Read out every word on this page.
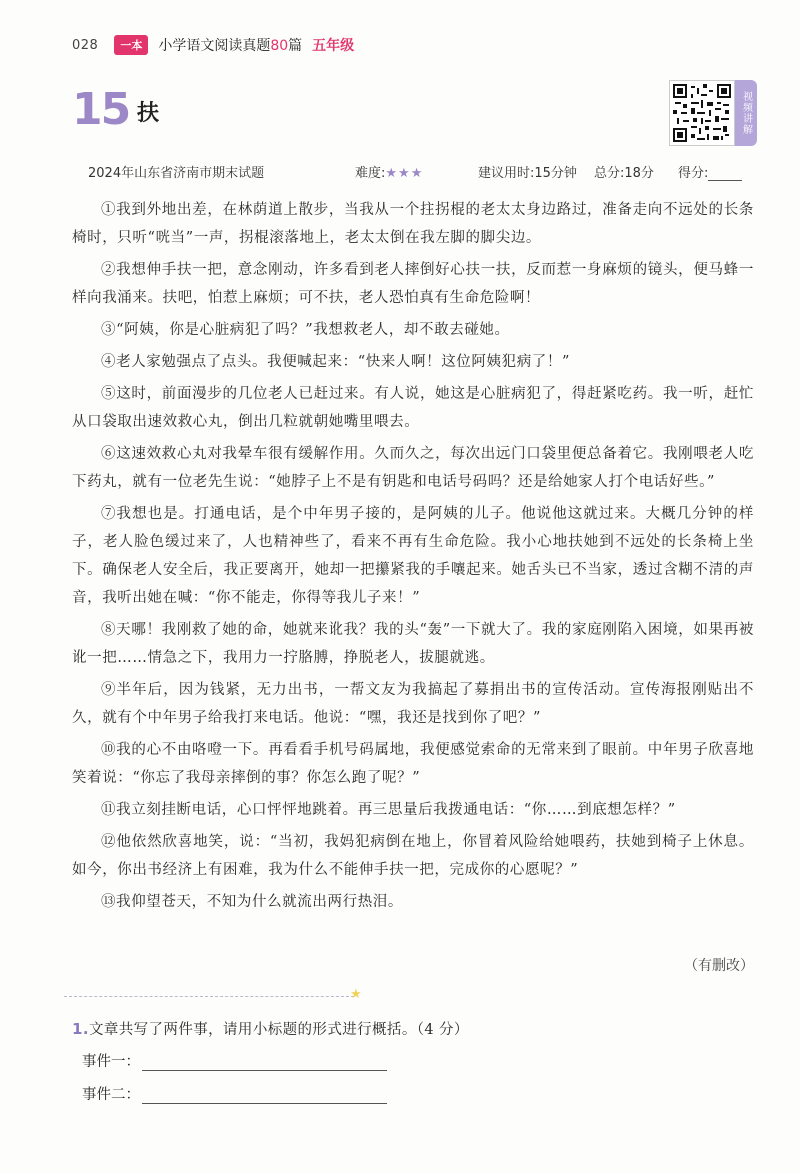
028	一本	小学语文阅读真题80篇 五年级
15 扶	视频讲解
2024年山东省济南市期末试题	难度:★★★	建议用时:15分钟 总分:18分 得分:

①我到外地出差，在林荫道上散步，当我从一个拄拐棍的老太太身边路过，准备走向不远处的长条椅时，只听“咣当”一声，拐棍滚落地上，老太太倒在我左脚的脚尖边。

②我想伸手扶一把，意念刚动，许多看到老人摔倒好心扶一扶，反而惹一身麻烦的镜头，便马蜂一样向我涌来。扶吧，怕惹上麻烦；可不扶，老人恐怕真有生命危险啊！

③“阿姨，你是心脏病犯了吗？”我想救老人，却不敢去碰她。

④老人家勉强点了点头。我便喊起来：“快来人啊！这位阿姨犯病了！”

⑤这时，前面漫步的几位老人已赶过来。有人说，她这是心脏病犯了，得赶紧吃药。我一听，赶忙从口袋取出速效救心丸，倒出几粒就朝她嘴里喂去。

⑥这速效救心丸对我晕车很有缓解作用。久而久之，每次出远门口袋里便总备着它。我刚喂老人吃下药丸，就有一位老先生说：“她脖子上不是有钥匙和电话号码吗？还是给她家人打个电话好些。”

⑦我想也是。打通电话，是个中年男子接的，是阿姨的儿子。他说他这就过来。大概几分钟的样子，老人脸色缓过来了，人也精神些了，看来不再有生命危险。我小心地扶她到不远处的长条椅上坐下。确保老人安全后，我正要离开，她却一把攥紧我的手嚷起来。她舌头已不当家，透过含糊不清的声音，我听出她在喊：“你不能走，你得等我儿子来！”

⑧天哪！我刚救了她的命，她就来讹我？我的头“轰”一下就大了。我的家庭刚陷入困境，如果再被讹一把……情急之下，我用力一拧胳膊，挣脱老人，拔腿就逃。

⑨半年后，因为钱紧，无力出书，一帮文友为我搞起了募捐出书的宣传活动。宣传海报刚贴出不久，就有个中年男子给我打来电话。他说：“嘿，我还是找到你了吧？”

⑩我的心不由咯噔一下。再看看手机号码属地，我便感觉索命的无常来到了眼前。中年男子欣喜地笑着说：“你忘了我母亲摔倒的事？你怎么跑了呢？”

⑪我立刻挂断电话，心口怦怦地跳着。再三思量后我拨通电话：“你……到底想怎样？”

⑫他依然欣喜地笑，说：“当初，我妈犯病倒在地上，你冒着风险给她喂药，扶她到椅子上休息。如今，你出书经济上有困难，我为什么不能伸手扶一把，完成你的心愿呢？”

⑬我仰望苍天，不知为什么就流出两行热泪。

（有删改）
★
1.文章共写了两件事，请用小标题的形式进行概括。（4 分）
事件一：
事件二：
